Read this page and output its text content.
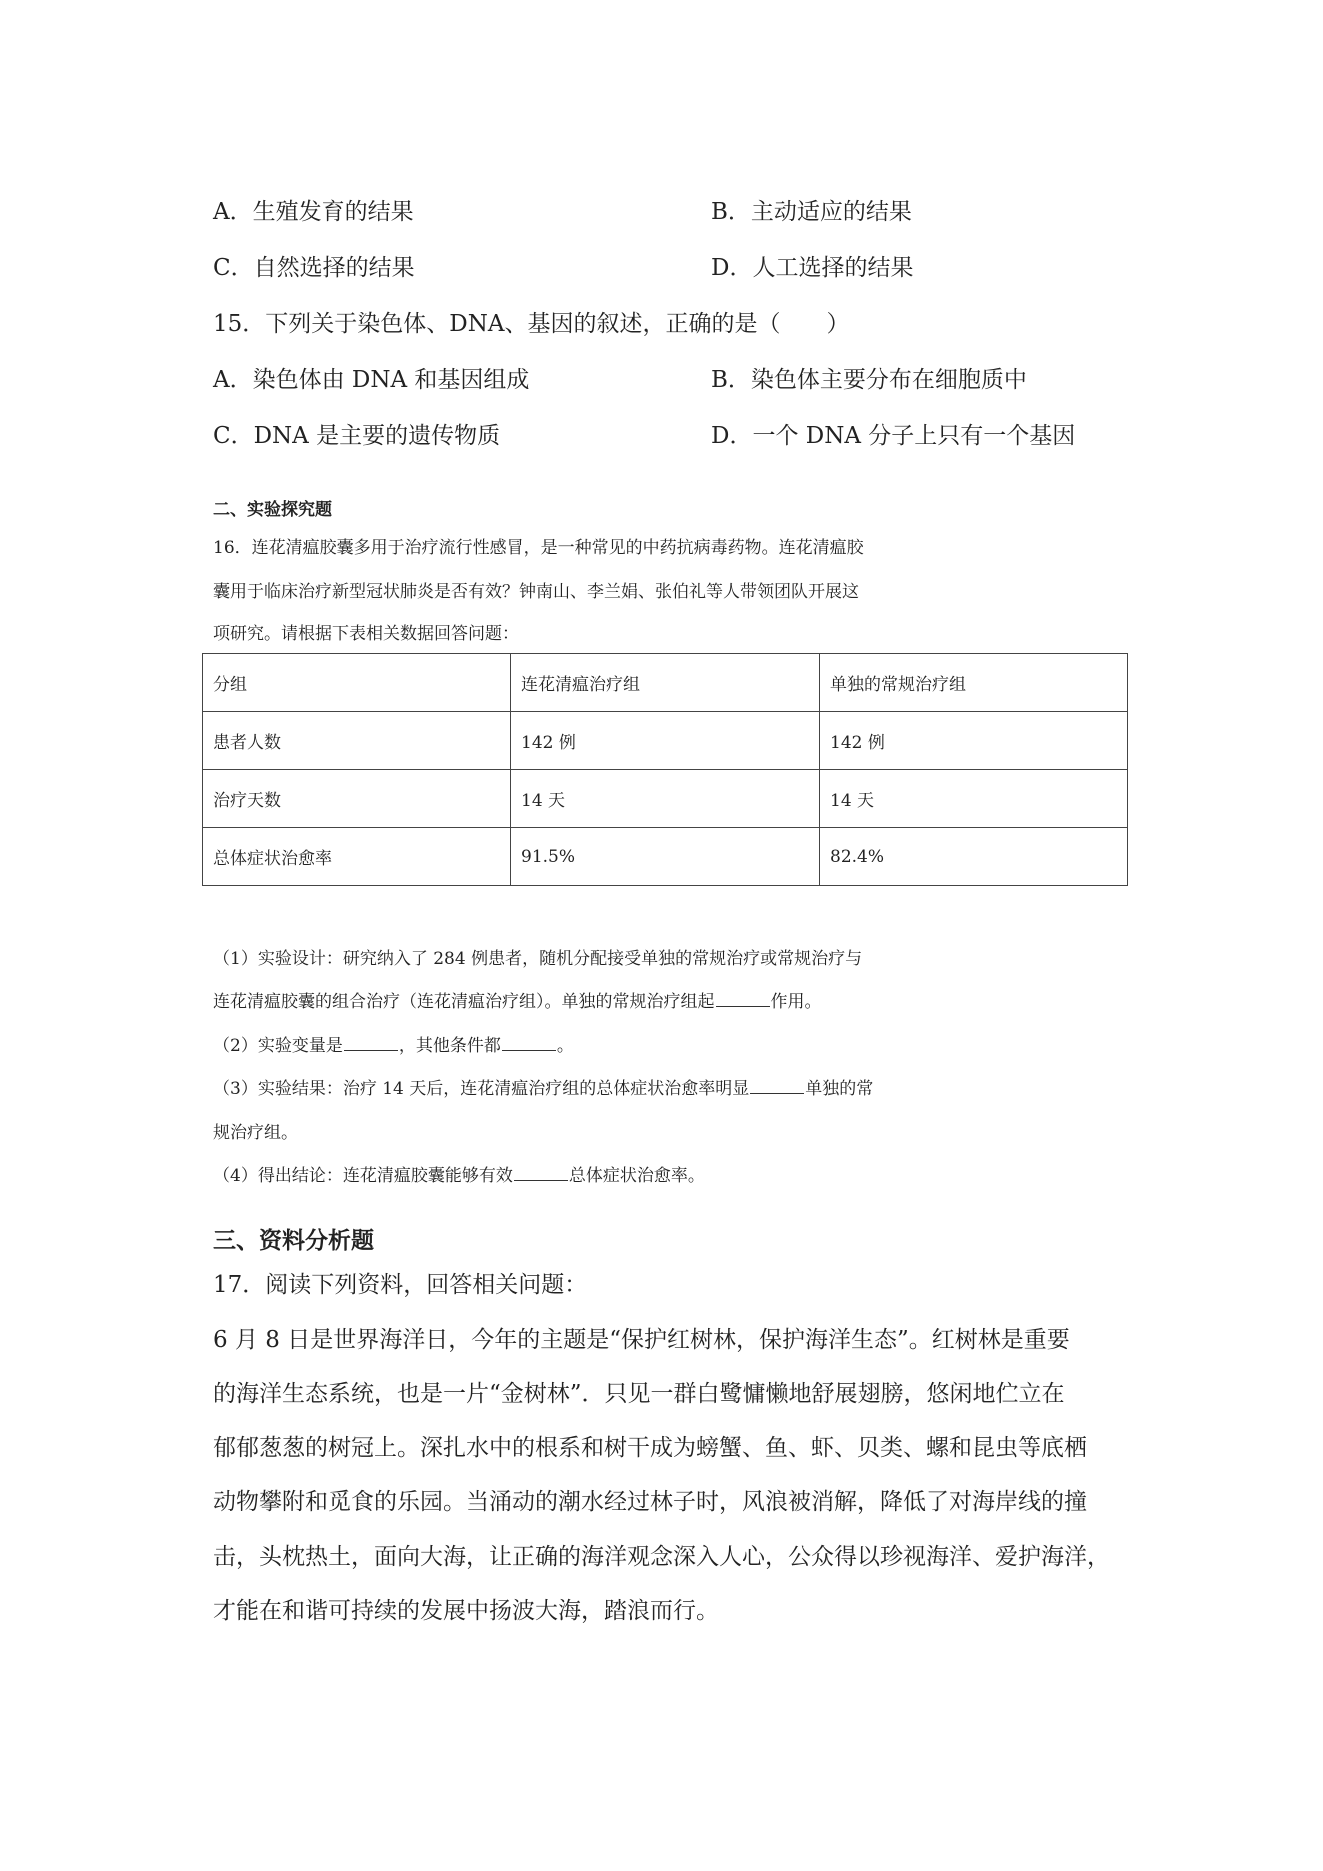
A．生殖发育的结果	B．主动适应的结果
C．自然选择的结果	D．人工选择的结果
15．下列关于染色体、DNA、基因的叙述，正确的是（　　）
A．染色体由 DNA 和基因组成	B．染色体主要分布在细胞质中
C．DNA 是主要的遗传物质	D．一个 DNA 分子上只有一个基因
二、实验探究题
16．连花清瘟胶囊多用于治疗流行性感冒，是一种常见的中药抗病毒药物。连花清瘟胶
囊用于临床治疗新型冠状肺炎是否有效？钟南山、李兰娟、张伯礼等人带领团队开展这
项研究。请根据下表相关数据回答问题：
分组	连花清瘟治疗组	单独的常规治疗组
患者人数	142 例	142 例
治疗天数	14 天	14 天
总体症状治愈率	91.5%	82.4%
（1）实验设计：研究纳入了 284 例患者，随机分配接受单独的常规治疗或常规治疗与
连花清瘟胶囊的组合治疗（连花清瘟治疗组）。单独的常规治疗组起	作用。
（2）实验变量是	，其他条件都	。
（3）实验结果：治疗 14 天后，连花清瘟治疗组的总体症状治愈率明显	单独的常
规治疗组。
（4）得出结论：连花清瘟胶囊能够有效	总体症状治愈率。
三、资料分析题
17．阅读下列资料，回答相关问题：
6 月 8 日是世界海洋日，今年的主题是“保护红树林，保护海洋生态”。红树林是重要
的海洋生态系统，也是一片“金树林”．只见一群白鹭慵懒地舒展翅膀，悠闲地伫立在
郁郁葱葱的树冠上。深扎水中的根系和树干成为螃蟹、鱼、虾、贝类、螺和昆虫等底栖
动物攀附和觅食的乐园。当涌动的潮水经过林子时，风浪被消解，降低了对海岸线的撞
击，头枕热土，面向大海，让正确的海洋观念深入人心，公众得以珍视海洋、爱护海洋，
才能在和谐可持续的发展中扬波大海，踏浪而行。
